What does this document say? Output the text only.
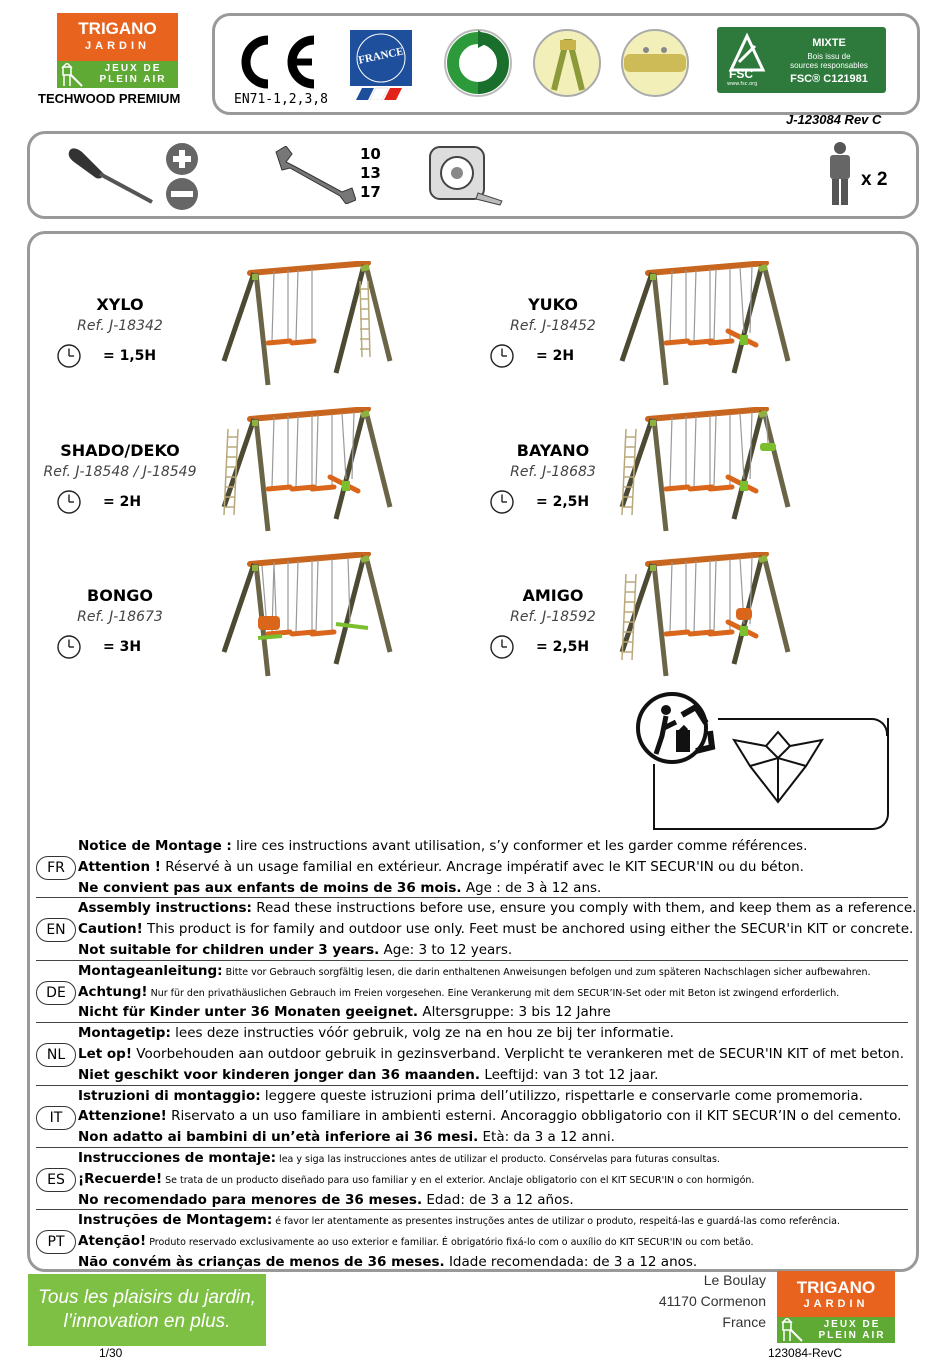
TRIGANO
JARDIN
JEUX DE
PLEIN AIR
TECHWOOD PREMIUM	EN71-1,2,3,8
FRANCE
FSC
www.fsc.org
MIXTE
Bois issu de
sources responsables
FSC® C121981
J-123084 Rev C
10
13
17
x 2
XYLO
Ref. J-18342
= 1,5H
YUKO
Ref. J-18452
= 2H
SHADO/DEKO
Ref. J-18548 / J-18549
= 2H
BAYANO
Ref. J-18683
= 2,5H
BONGO
Ref. J-18673
= 3H
AMIGO
Ref. J-18592
= 2,5H
FR
Notice de Montage : lire ces instructions avant utilisation, s’y conformer et les garder comme références.
Attention ! Réservé à un usage familial en extérieur. Ancrage impératif avec le KIT SECUR'IN ou du béton.
Ne convient pas aux enfants de moins de 36 mois. Age : de 3 à 12 ans.
EN
Assembly instructions: Read these instructions before use, ensure you comply with them, and keep them as a reference.
Caution! This product is for family and outdoor use only. Feet must be anchored using either the SECUR'in KIT or concrete.
Not suitable for children under 3 years. Age: 3 to 12 years.
DE
Montageanleitung: Bitte vor Gebrauch sorgfältig lesen, die darin enthaltenen Anweisungen befolgen und zum späteren Nachschlagen sicher aufbewahren.
Achtung! Nur für den privathäuslichen Gebrauch im Freien vorgesehen. Eine Verankerung mit dem SECUR’IN-Set oder mit Beton ist zwingend erforderlich.
Nicht für Kinder unter 36 Monaten geeignet. Altersgruppe: 3 bis 12 Jahre
NL
Montagetip: lees deze instructies vóór gebruik, volg ze na en hou ze bij ter informatie.
Let op! Voorbehouden aan outdoor gebruik in gezinsverband. Verplicht te verankeren met de SECUR'IN KIT of met beton.
Niet geschikt voor kinderen jonger dan 36 maanden. Leeftijd: van 3 tot 12 jaar.
IT
Istruzioni di montaggio: leggere queste istruzioni prima dell’utilizzo, rispettarle e conservarle come promemoria.
Attenzione! Riservato a un uso familiare in ambienti esterni. Ancoraggio obbligatorio con il KIT SECUR’IN o del cemento.
Non adatto ai bambini di un’età inferiore ai 36 mesi. Età: da 3 a 12 anni.
ES
Instrucciones de montaje: lea y siga las instrucciones antes de utilizar el producto. Consérvelas para futuras consultas.
¡Recuerde! Se trata de un producto diseñado para uso familiar y en el exterior. Anclaje obligatorio con el KIT SECUR'IN o con hormigón.
No recomendado para menores de 36 meses. Edad: de 3 a 12 años.
PT
Instruções de Montagem: é favor ler atentamente as presentes instruções antes de utilizar o produto, respeitá-las e guardá-las como referência.
Atenção! Produto reservado exclusivamente ao uso exterior e familiar. É obrigatório fixá-lo com o auxílio do KIT SECUR'IN ou com betão.
Não convém às crianças de menos de 36 meses. Idade recomendada: de 3 a 12 anos.
Tous les plaisirs du jardin,
l’innovation en plus.
Le Boulay
41170 Cormenon
France
TRIGANO
JARDIN
JEUX DE
PLEIN AIR
1/30	123084-RevC
